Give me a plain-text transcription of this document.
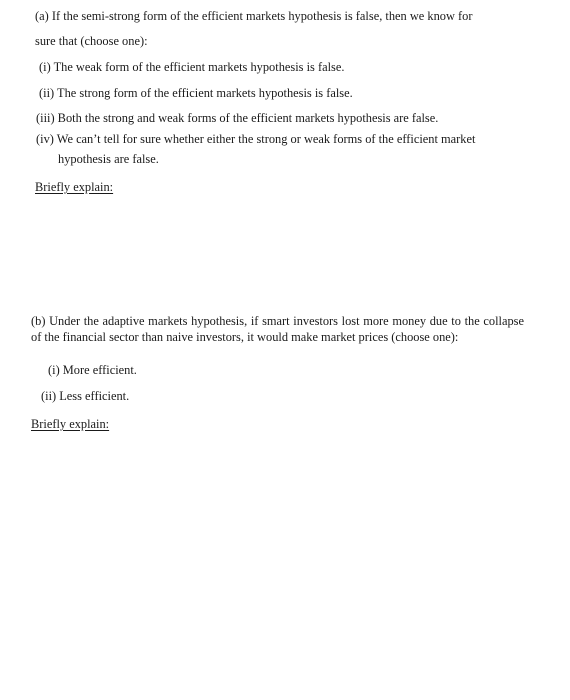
(a) If the semi-strong form of the efficient markets hypothesis is false, then we know for
sure that (choose one):
(i) The weak form of the efficient markets hypothesis is false.
(ii) The strong form of the efficient markets hypothesis is false.
(iii) Both the strong and weak forms of the efficient markets hypothesis are false.
(iv) We can’t tell for sure whether either the strong or weak forms of the efficient market
hypothesis are false.
Briefly explain:
(b) Under the adaptive markets hypothesis, if smart investors lost more money due to the collapse of the financial sector than naive investors, it would make market prices (choose one):
(i) More efficient.
(ii) Less efficient.
Briefly explain:
